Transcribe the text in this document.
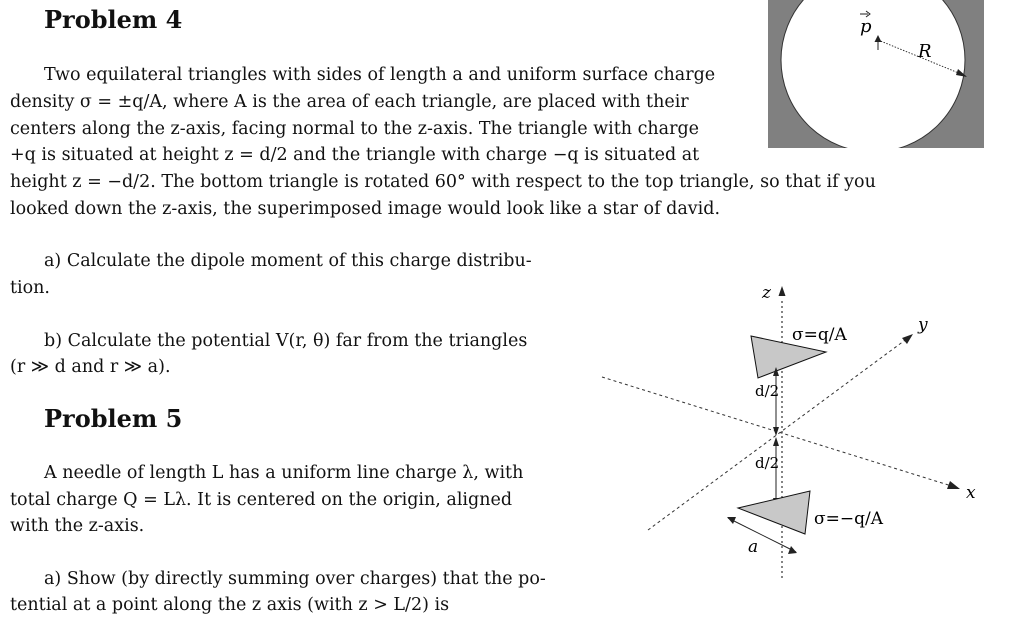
Problem 4
Two equilateral triangles with sides of length a and uniform surface charge
density σ = ±q/A, where A is the area of each triangle, are placed with their
centers along the z-axis, facing normal to the z-axis. The triangle with charge
+q is situated at height z = d/2 and the triangle with charge −q is situated at
height z = −d/2. The bottom triangle is rotated 60° with respect to the top triangle, so that if you
looked down the z-axis, the superimposed image would look like a star of david.
a) Calculate the dipole moment of this charge distribu-
tion.
b) Calculate the potential V(r, θ) far from the triangles
(r ≫ d and r ≫ a).
Problem 5
A needle of length L has a uniform line charge λ, with
total charge Q = Lλ. It is centered on the origin, aligned
with the z-axis.
a) Show (by directly summing over charges) that the po-
tential at a point along the z axis (with z > L/2) is
p
R
x
y
z
σ=q/A
d/2
d/2
σ=−q/A
a
